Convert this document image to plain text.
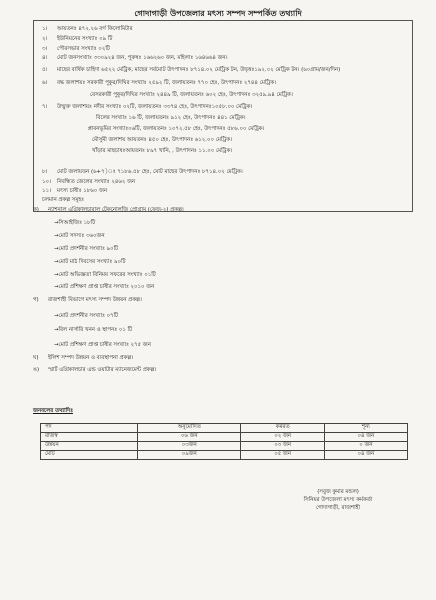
গোদাগাড়ী উপজেলার মৎস্য সম্পদ সম্পর্কিত তথ্যাদি
১। আয়তনঃ ৪৭২.২৬ বর্গ কিলোমিটার
২। ইউনিয়নের সংখ্যাঃ ০৯ টি
৩। পৌরসভার সংখ্যাঃ ০২টি
৪। মোট জনসংখ্যাঃ ৩৩০৯২৪ জন, পুরুষঃ ১৬৬২৬০ জন, মহিলাঃ ১৬৪৬৬৪ জন।
৫। মাছের বার্ষিক চাহিদা ৬৫২২ মেট্রিক, মাছের সর্বমোট উৎপাদনঃ ৮৭১৪.০২ মেট্রিক টন, উদ্বৃত্তঃ১৯২.০২ মেট্রিক টন। (৬০গ্রাম/জন/দিন)
৬। বদ্ধ জলাশয়ঃ সরকারী পুকুর/দিঘির সংখ্যাঃ ২৫৯২ টি, জলায়তনঃ ৭৭০ হেঃ, উৎপাদনঃ ২৭৪৪ মেট্রিক।
বেসরকারী পুকুর/দিঘির সংখ্যাঃ ২৪৪৯ টি, জলায়তনঃ ৬০২ হেঃ, উৎপাদনঃ ৩২৫৯.৯৪ মেট্রিক।
৭। উন্মুক্ত জলাশয়ঃ নদীর সংখ্যাঃ ০২টি, জলায়তনঃ ৩৩৭৪ হেঃ, উৎপাদনঃ১০৫৮.০০ মেট্রিক।
বিলের সংখ্যাঃ ১৬ টি, জলায়তনঃ ৯১২ হেঃ, উৎপাদনঃ ৪৪১ মেট্রিক।
প্লাবনভূমির সংখ্যাঃ০৬টি, জলায়তনঃ ১০৭২.৫৮ হেঃ, উৎপাদনঃ ৫৮৬.০০ মেট্রিক।
মৌসুমী জলাশয় আয়তনঃ ৪৫০ হেঃ, উৎপাদনঃ ৬১২.০০ মেট্রিক।
খাঁড়ার মাছচাষঃআয়তনঃ ৮৯৭ খানি, , উৎপাদনঃ ১১.০০ মেট্রিক।
৮। মোট জলায়তন (৬+৭)ঃ ৭১৮৬.৫৮ হেঃ, মোট মাছের উৎপাদনঃ ৮৭১৪.০২ মেট্রিক।
১০। নিবন্ধিত জেলের সংখ্যাঃ ২৪৬২ জন
১১। মৎস্য চাষীঃ ১৮৬০ জন
চলমান প্রকল্প সমূহঃ
ক) ন্যাশনাল এগ্রিকালচারাল টেকনোলজি প্রোগ্রাম (ফেজ-২) প্রকল্প।
→সিআইজিঃ ১৮টি
→মোট সদস্যঃ ৩৬০জন
→মোট প্রদর্শনীর সংখ্যাঃ ৯০টি
→মোট মাঠ দিবসের সংখ্যাঃ ৯০টি
→মোট অভিজ্ঞতা বিনিময় সফরের সংখ্যাঃ ০১টি
→মোট প্রশিক্ষণ প্রাপ্ত চাষীর সংখ্যাঃ ২০১০ জন
গ) রাজশাহী বিভাগে মৎস্য সম্পদ উন্নয়ন প্রকল্প।
→মোট প্রদর্শনীর সংখ্যাঃ ০৭টি
→বিল নার্সারি খনন ও স্থাপনঃ ০১ টি
→মোট প্রশিক্ষণ প্রাপ্ত চাষীর সংখ্যাঃ ২৭৫ জন
ঘ) ইলিশ সম্পদ উন্নয়ন ও ব্যবস্থাপনা প্রকল্প।
ঙ) স্মার্ট এগ্রিকালচার এন্ড ওয়াটার ম্যানেজমেন্ট প্রকল্প।
জনবলের তথ্যাদিঃ
পদ	অনুমোদিত	কর্মরত	শূন্য
রাজস্ব	০৬ জন	০২ জন	০৪ জন
উন্নয়ন	০৩জন	০৩ জন	০ জন
মোট	০৯জন	০৫ জন	০৪ জন
(সবুজ কুমার মন্ডল)
সিনিয়র উপজেলা মৎস্য কর্মকর্তা
গোদাগাড়ী, রাজশাহী
